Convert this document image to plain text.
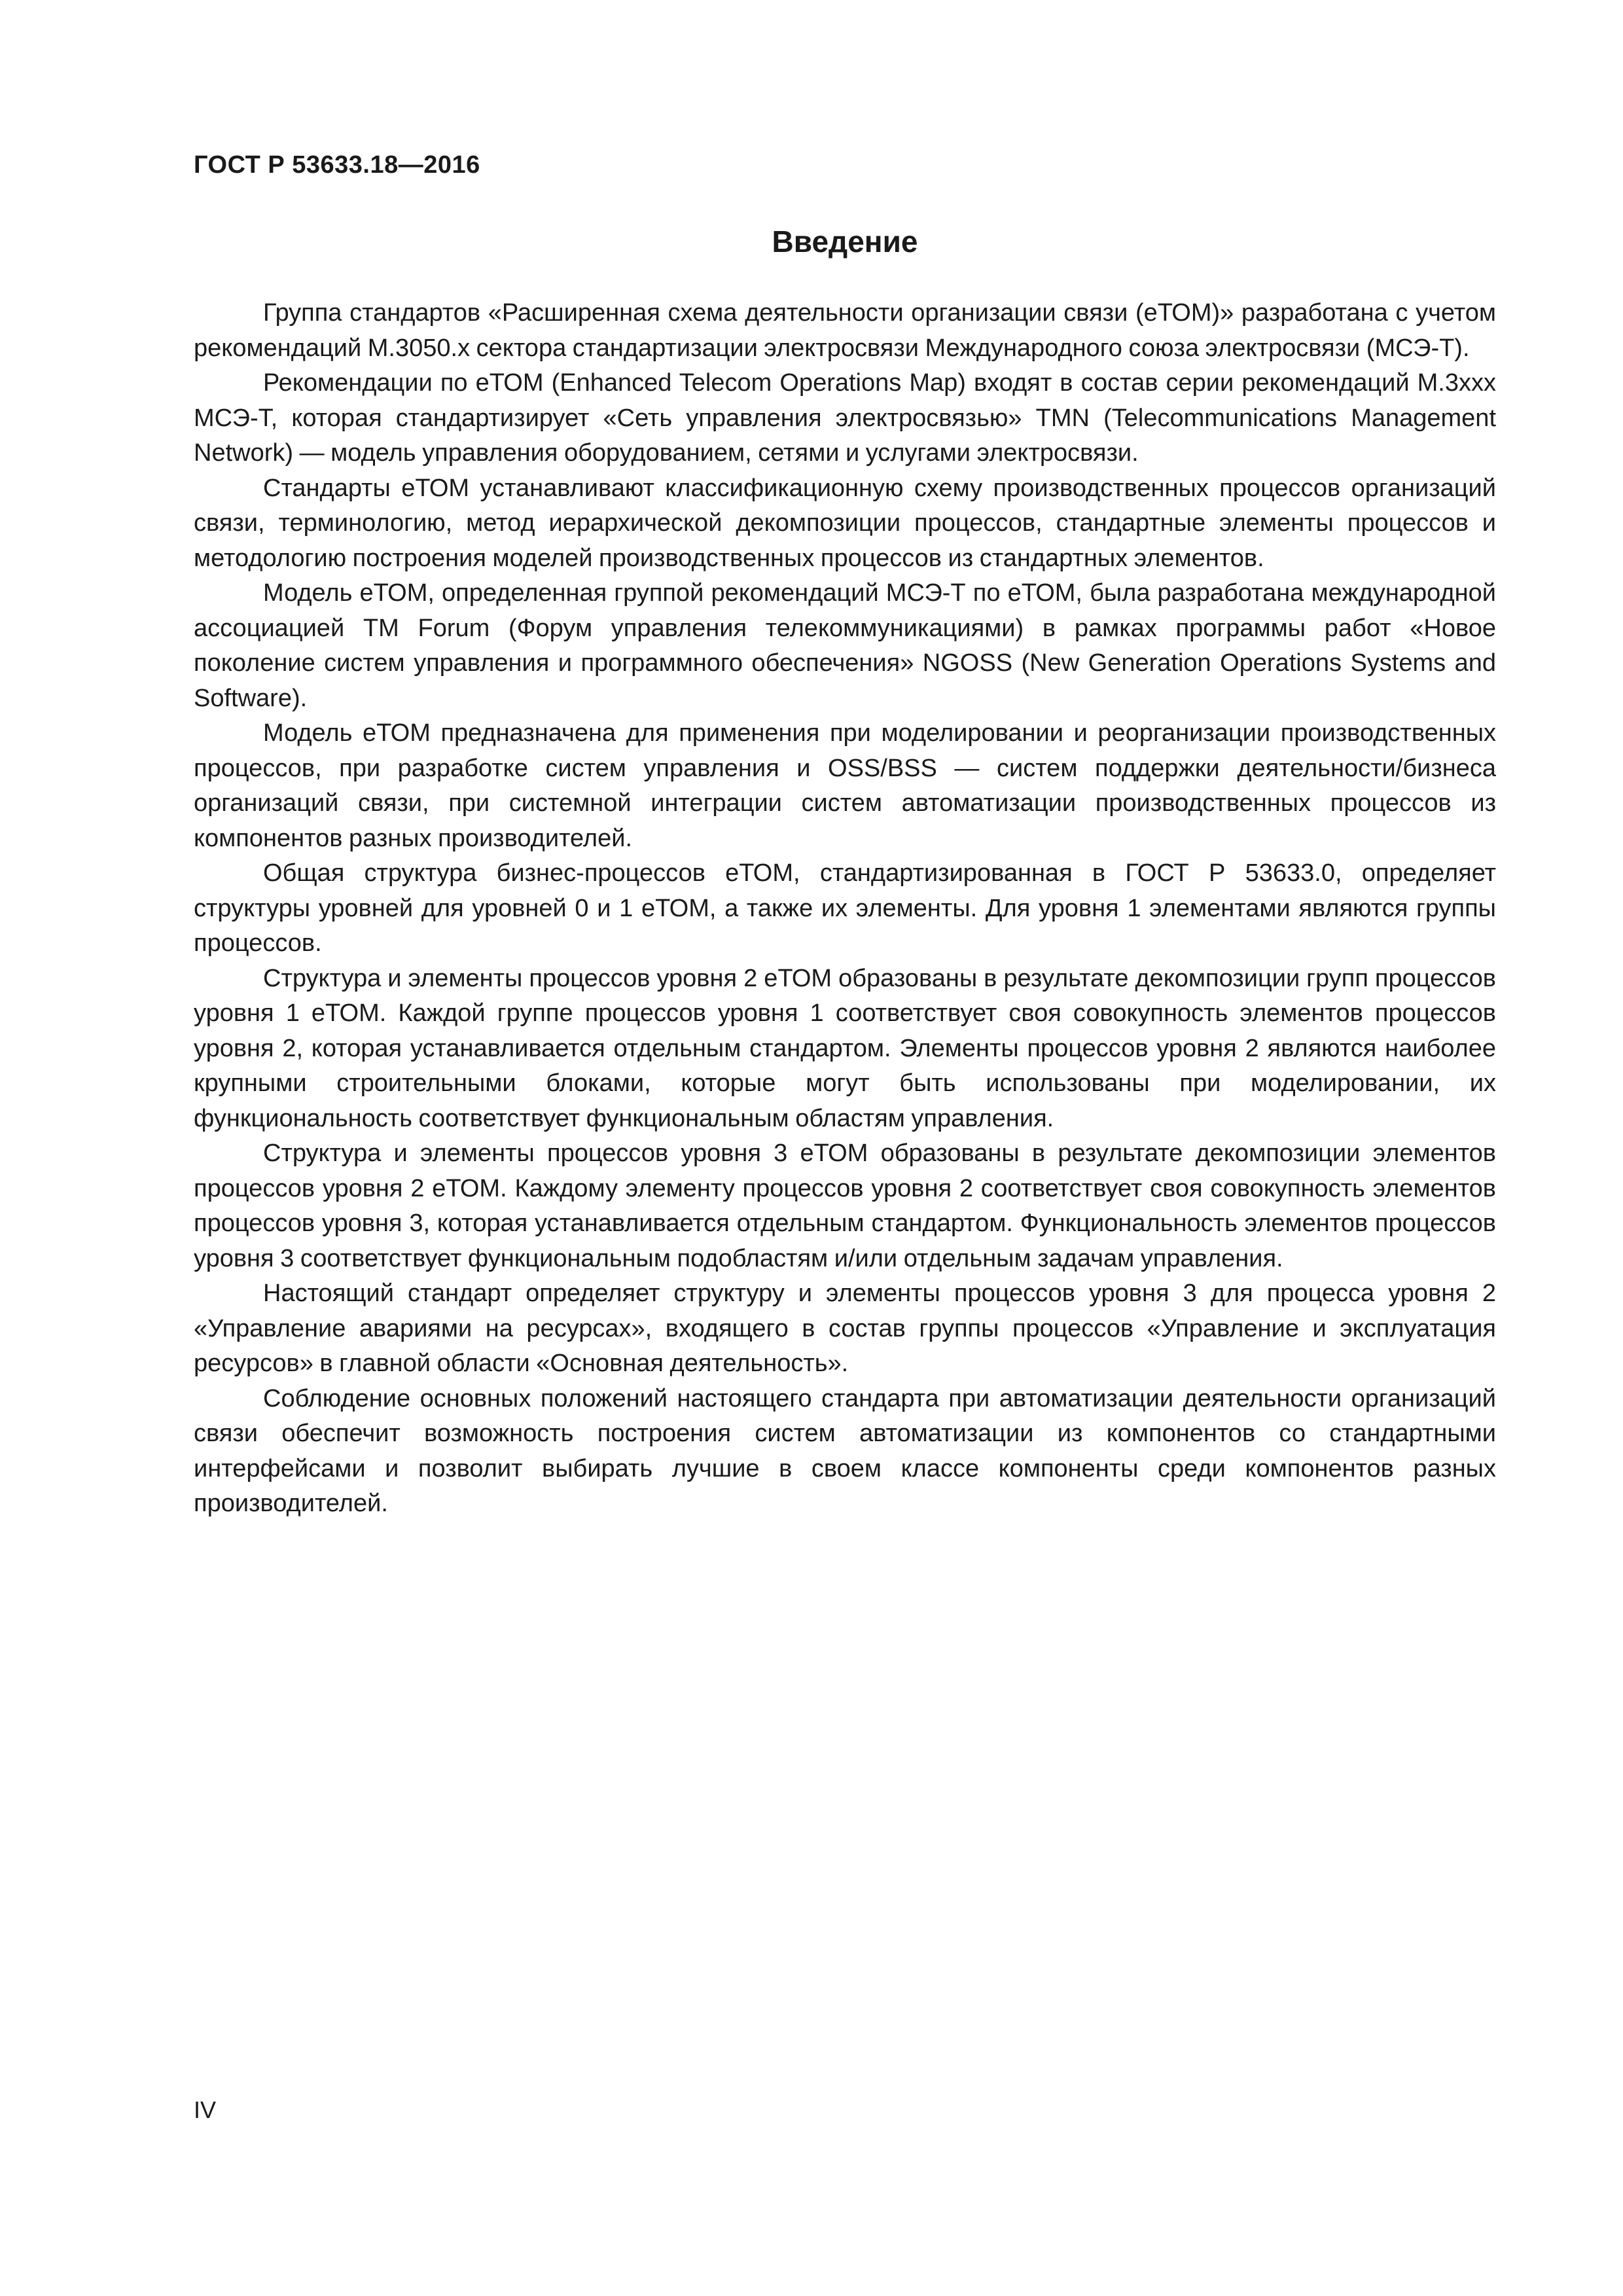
ГОСТ Р 53633.18—2016
Введение

Группа стандартов «Расширенная схема деятельности организации связи (еТОМ)» разработана с учетом рекомендаций М.3050.х сектора стандартизации электросвязи Международного союза электросвязи (МСЭ-Т).

Рекомендации по еТОМ (Enhanced Telecom Operations Map) входят в состав серии рекомендаций М.3ххх МСЭ-Т, которая стандартизирует «Сеть управления электросвязью» TMN (Telecommunications Management Network) — модель управления оборудованием, сетями и услугами электросвязи.

Стандарты еТОМ устанавливают классификационную схему производственных процессов организаций связи, терминологию, метод иерархической декомпозиции процессов, стандартные элементы процессов и методологию построения моделей производственных процессов из стандартных элементов.

Модель еТОМ, определенная группой рекомендаций МСЭ-Т по еТОМ, была разработана международной ассоциацией TM Forum (Форум управления телекоммуникациями) в рамках программы работ «Новое поколение систем управления и программного обеспечения» NGOSS (New Generation Operations Systems and Software).

Модель еТОМ предназначена для применения при моделировании и реорганизации производственных процессов, при разработке систем управления и OSS/BSS — систем поддержки деятельности/бизнеса организаций связи, при системной интеграции систем автоматизации производственных процессов из компонентов разных производителей.

Общая структура бизнес-процессов еТОМ, стандартизированная в ГОСТ Р 53633.0, определяет структуры уровней для уровней 0 и 1 еТОМ, а также их элементы. Для уровня 1 элементами являются группы процессов.

Структура и элементы процессов уровня 2 еТОМ образованы в результате декомпозиции групп процессов уровня 1 еТОМ. Каждой группе процессов уровня 1 соответствует своя совокупность элементов процессов уровня 2, которая устанавливается отдельным стандартом. Элементы процессов уровня 2 являются наиболее крупными строительными блоками, которые могут быть использованы при моделировании, их функциональность соответствует функциональным областям управления.

Структура и элементы процессов уровня 3 еТОМ образованы в результате декомпозиции элементов процессов уровня 2 еТОМ. Каждому элементу процессов уровня 2 соответствует своя совокупность элементов процессов уровня 3, которая устанавливается отдельным стандартом. Функциональность элементов процессов уровня 3 соответствует функциональным подобластям и/или отдельным задачам управления.

Настоящий стандарт определяет структуру и элементы процессов уровня 3 для процесса уровня 2 «Управление авариями на ресурсах», входящего в состав группы процессов «Управление и эксплуатация ресурсов» в главной области «Основная деятельность».

Соблюдение основных положений настоящего стандарта при автоматизации деятельности организаций связи обеспечит возможность построения систем автоматизации из компонентов со стандартными интерфейсами и позволит выбирать лучшие в своем классе компоненты среди компонентов разных производителей.

IV
